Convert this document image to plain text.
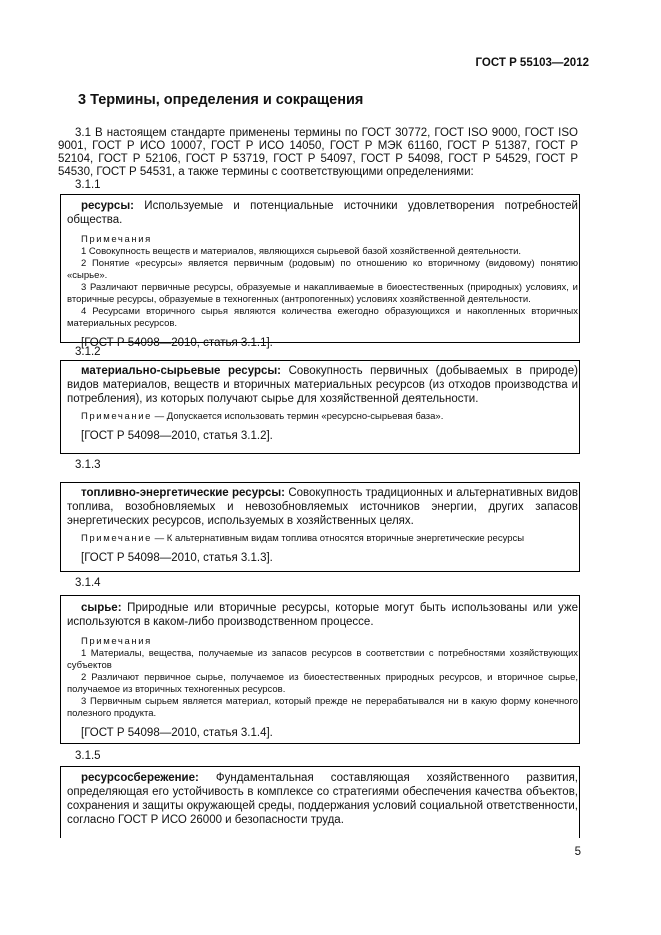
ГОСТ Р 55103—2012
3 Термины, определения и сокращения

3.1 В настоящем стандарте применены термины по ГОСТ 30772, ГОСТ ISO 9000, ГОСТ ISO 9001, ГОСТ Р ИСО 10007, ГОСТ Р ИСО 14050, ГОСТ Р МЭК 61160, ГОСТ Р 51387, ГОСТ Р 52104, ГОСТ Р 52106, ГОСТ Р 53719, ГОСТ Р 54097, ГОСТ Р 54098, ГОСТ Р 54529, ГОСТ Р 54530, ГОСТ Р 54531, а также термины с соответствующими определениями:

3.1.1

ресурсы: Используемые и потенциальные источники удовлетворения потребностей общества.

Примечания

1 Совокупность веществ и материалов, являющихся сырьевой базой хозяйственной деятельности.

2 Понятие «ресурсы» является первичным (родовым) по отношению ко вторичному (видовому) понятию «сырье».

3 Различают первичные ресурсы, образуемые и накапливаемые в биоестественных (природных) условиях, и вторичные ресурсы, образуемые в техногенных (антропогенных) условиях хозяйственной деятельности.

4 Ресурсами вторичного сырья являются количества ежегодно образующихся и накопленных вторичных материальных ресурсов.

[ГОСТ Р 54098—2010, статья 3.1.1].

3.1.2

материально-сырьевые ресурсы: Совокупность первичных (добываемых в природе) видов материалов, веществ и вторичных материальных ресурсов (из отходов производства и потребления), из которых получают сырье для хозяйственной деятельности.

Примечание — Допускается использовать термин «ресурсно-сырьевая база».

[ГОСТ Р 54098—2010, статья 3.1.2].

3.1.3

топливно-энергетические ресурсы: Совокупность традиционных и альтернативных видов топлива, возобновляемых и невозобновляемых источников энергии, других запасов энергетических ресурсов, используемых в хозяйственных целях.

Примечание — К альтернативным видам топлива относятся вторичные энергетические ресурсы

[ГОСТ Р 54098—2010, статья 3.1.3].

3.1.4

сырье: Природные или вторичные ресурсы, которые могут быть использованы или уже используются в каком-либо производственном процессе.

Примечания

1 Материалы, вещества, получаемые из запасов ресурсов в соответствии с потребностями хозяйствующих субъектов

2 Различают первичное сырье, получаемое из биоестественных природных ресурсов, и вторичное сырье, получаемое из вторичных техногенных ресурсов.

3 Первичным сырьем является материал, который прежде не перерабатывался ни в какую форму конечного полезного продукта.

[ГОСТ Р 54098—2010, статья 3.1.4].

3.1.5

ресурсосбережение: Фундаментальная составляющая хозяйственного развития, определяющая его устойчивость в комплексе со стратегиями обеспечения качества объектов, сохранения и защиты окружающей среды, поддержания условий социальной ответственности, согласно ГОСТ Р ИСО 26000 и безопасности труда.

5
